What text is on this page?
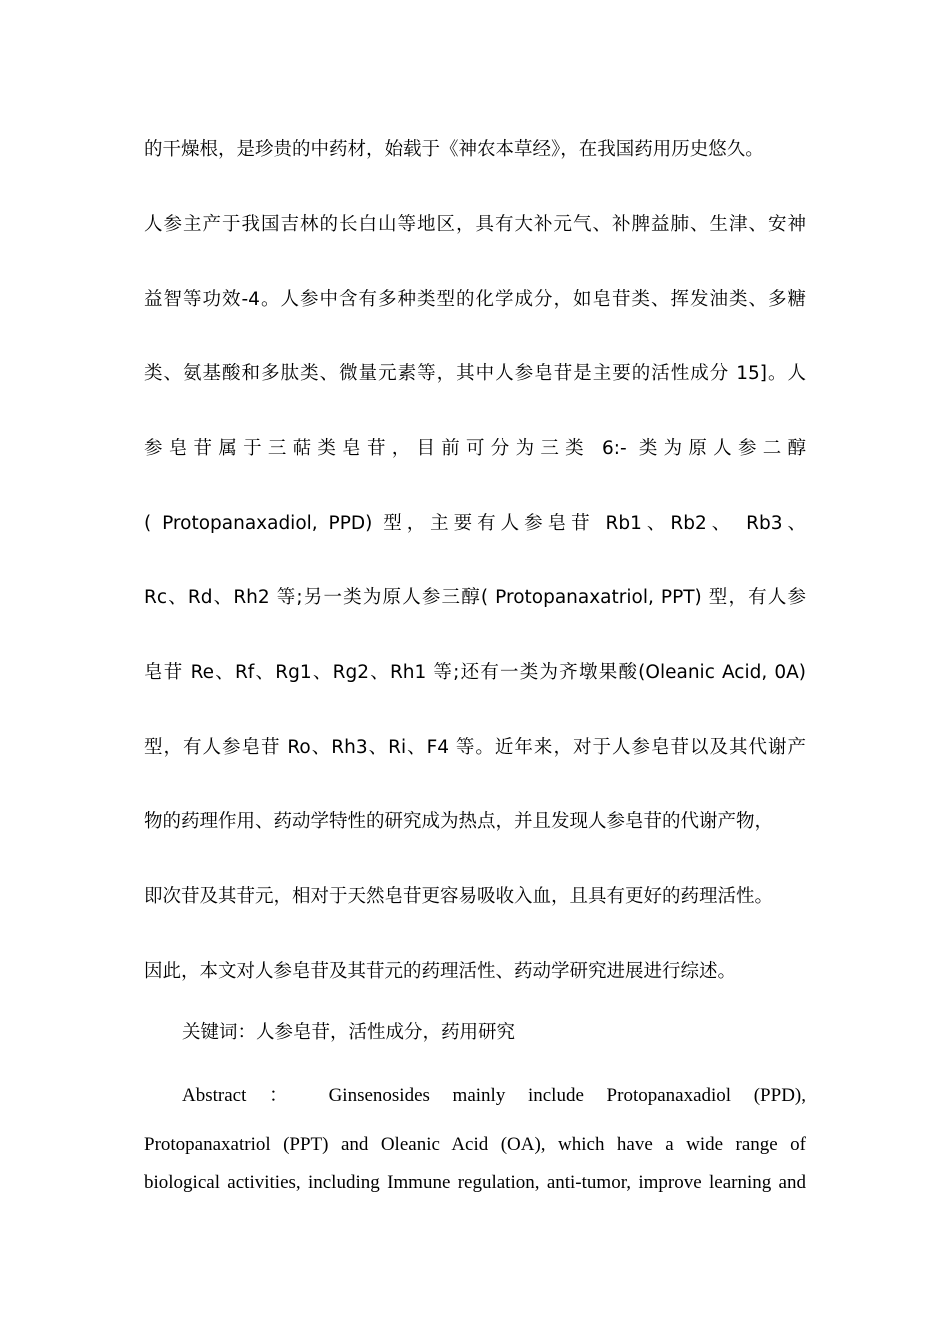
的干燥根，是珍贵的中药材，始载于《神农本草经》，在我国药用历史悠久。
人参主产于我国吉林的长白山等地区，具有大补元气、补脾益肺、生津、安神
益智等功效-4。人参中含有多种类型的化学成分，如皂苷类、挥发油类、多糖
类、氨基酸和多肽类、微量元素等，其中人参皂苷是主要的活性成分 15]。人
参皂苷属于三萜类皂苷，目前可分为三类 6:- 类为原人参二醇
( Protopanaxadiol, PPD) 型，主要有人参皂苷 Rb1、Rb2、 Rb3、
Rc、Rd、Rh2 等;另一类为原人参三醇( Protopanaxatriol, PPT) 型，有人参
皂苷 Re、Rf、Rg1、Rg2、Rh1 等;还有一类为齐墩果酸(Oleanic Acid, 0A)
型，有人参皂苷 Ro、Rh3、Ri、F4 等。近年来，对于人参皂苷以及其代谢产
物的药理作用、药动学特性的研究成为热点，并且发现人参皂苷的代谢产物，
即次苷及其苷元，相对于天然皂苷更容易吸收入血，且具有更好的药理活性。
因此，本文对人参皂苷及其苷元的药理活性、药动学研究进展进行综述。
关键词：人参皂苷，活性成分，药用研究
Abstract ： Ginsenosides mainly include Protopanaxadiol (PPD),
Protopanaxatriol (PPT) and Oleanic Acid (OA), which have a wide range of
biological activities, including Immune regulation, anti-tumor, improve learning and
